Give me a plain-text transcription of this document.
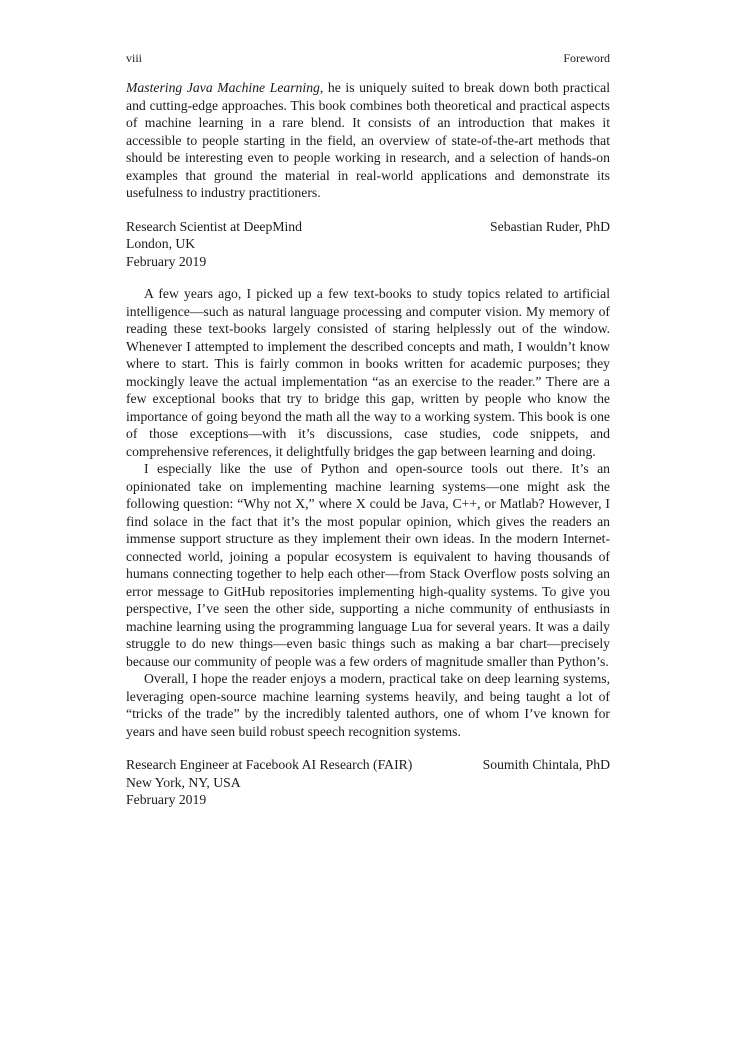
viii	Foreword

Mastering Java Machine Learning, he is uniquely suited to break down both practical and cutting-edge approaches. This book combines both theoretical and practical aspects of machine learning in a rare blend. It consists of an introduction that makes it accessible to people starting in the field, an overview of state-of-the-art methods that should be interesting even to people working in research, and a selection of hands-on examples that ground the material in real-world applications and demonstrate its usefulness to industry practitioners.

Research Scientist at DeepMind	Sebastian Ruder, PhD
London, UK
February 2019

A few years ago, I picked up a few text-books to study topics related to artificial intelligence—such as natural language processing and computer vision. My memory of reading these text-books largely consisted of staring helplessly out of the window. Whenever I attempted to implement the described concepts and math, I wouldn’t know where to start. This is fairly common in books written for academic purposes; they mockingly leave the actual implementation “as an exercise to the reader.” There are a few exceptional books that try to bridge this gap, written by people who know the importance of going beyond the math all the way to a working system. This book is one of those exceptions—with it’s discussions, case studies, code snippets, and comprehensive references, it delightfully bridges the gap between learning and doing.

I especially like the use of Python and open-source tools out there. It’s an opinionated take on implementing machine learning systems—one might ask the following question: “Why not X,” where X could be Java, C++, or Matlab? However, I find solace in the fact that it’s the most popular opinion, which gives the readers an immense support structure as they implement their own ideas. In the modern Internet-connected world, joining a popular ecosystem is equivalent to having thousands of humans connecting together to help each other—from Stack Overflow posts solving an error message to GitHub repositories implementing high-quality systems. To give you perspective, I’ve seen the other side, supporting a niche community of enthusiasts in machine learning using the programming language Lua for several years. It was a daily struggle to do new things—even basic things such as making a bar chart—precisely because our community of people was a few orders of magnitude smaller than Python’s.

Overall, I hope the reader enjoys a modern, practical take on deep learning systems, leveraging open-source machine learning systems heavily, and being taught a lot of “tricks of the trade” by the incredibly talented authors, one of whom I’ve known for years and have seen build robust speech recognition systems.

Research Engineer at Facebook AI Research (FAIR)	Soumith Chintala, PhD
New York, NY, USA
February 2019
